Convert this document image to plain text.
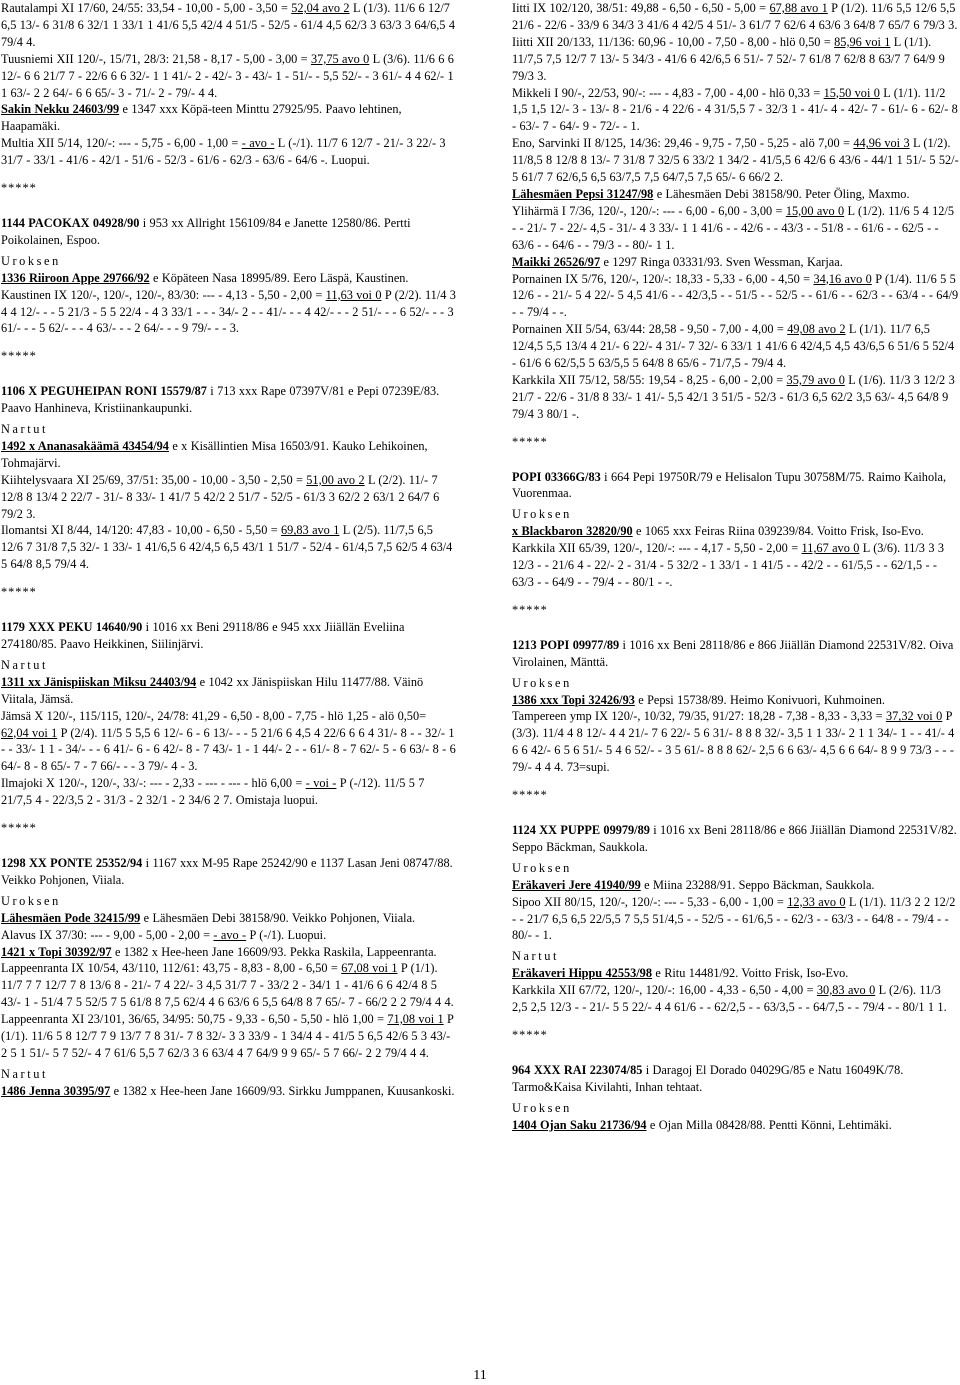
Rautalampi XI 17/60, 24/55: 33,54 - 10,00 - 5,00 - 3,50 = 52,04 avo 2 L (1/3). 11/6 6 12/7 6,5 13/- 6 31/8 6 32/1 1 33/1 1 41/6 5,5 42/4 4 51/5 - 52/5 - 61/4 4,5 62/3 3 63/3 3 64/6,5 4 79/4 4.

Tuusniemi XII 120/-, 15/71, 28/3: 21,58 - 8,17 - 5,00 - 3,00 = 37,75 avo 0 L (3/6). 11/6 6 6 12/- 6 6 21/7 7 - 22/6 6 6 32/- 1 1 41/- 2 - 42/- 3 - 43/- 1 - 51/- - 5,5 52/- - 3 61/- 4 4 62/- 1 1 63/- 2 2 64/- 6 6 65/- 3 - 71/- 2 - 79/- 4 4.

Sakin Nekku 24603/99 e 1347 xxx Köpä-teen Minttu 27925/95. Paavo lehtinen, Haapamäki.

Multia XII 5/14, 120/-: --- - 5,75 - 6,00 - 1,00 = - avo - L (-/1). 11/7 6 12/7 - 21/- 3 22/- 3 31/7 - 33/1 - 41/6 - 42/1 - 51/6 - 52/3 - 61/6 - 62/3 - 63/6 - 64/6 -. Luopui.

*****

1144 PACOKAX 04928/90 i 953 xx Allright 156109/84 e Janette 12580/86. Pertti Poikolainen, Espoo.

Uroksen

1336 Riiroon Appe 29766/92 e Köpäteen Nasa 18995/89. Eero Läspä, Kaustinen.

Kaustinen IX 120/-, 120/-, 120/-, 83/30: --- - 4,13 - 5,50 - 2,00 = 11,63 voi 0 P (2/2). 11/4 3 4 4 12/- - - 5 21/3 - 5 5 22/4 - 4 3 33/1 - - - 34/- 2 - - 41/- - - 4 42/- - - 2 51/- - - 6 52/- - - 3 61/- - - 5 62/- - - 4 63/- - - 2 64/- - - 9 79/- - - 3.

*****

1106 X PEGUHEIPAN RONI 15579/87 i 713 xxx Rape 07397V/81 e Pepi 07239E/83. Paavo Hanhineva, Kristiinankaupunki.

Nartut

1492 x Ananasakäämä 43454/94 e x Kisällintien Misa 16503/91. Kauko Lehikoinen, Tohmajärvi.

Kiihtelysvaara XI 25/69, 37/51: 35,00 - 10,00 - 3,50 - 2,50 = 51,00 avo 2 L (2/2). 11/- 7 12/8 8 13/4 2 22/7 - 31/- 8 33/- 1 41/7 5 42/2 2 51/7 - 52/5 - 61/3 3 62/2 2 63/1 2 64/7 6 79/2 3.

Ilomantsi XI 8/44, 14/120: 47,83 - 10,00 - 6,50 - 5,50 = 69,83 avo 1 L (2/5). 11/7,5 6,5 12/6 7 31/8 7,5 32/- 1 33/- 1 41/6,5 6 42/4,5 6,5 43/1 1 51/7 - 52/4 - 61/4,5 7,5 62/5 4 63/4 5 64/8 8,5 79/4 4.

*****

1179 XXX PEKU 14640/90 i 1016 xx Beni 29118/86 e 945 xxx Jiiällän Eveliina 274180/85. Paavo Heikkinen, Siilinjärvi.

Nartut

1311 xx Jänispiiskan Miksu 24403/94 e 1042 xx Jänispiiskan Hilu 11477/88. Väinö Viitala, Jämsä.

Jämsä X 120/-, 115/115, 120/-, 24/78: 41,29 - 6,50 - 8,00 - 7,75 - hlö 1,25 - alö 0,50= 62,04 voi 1 P (2/4). 11/5 5 5,5 6 12/- 6 - 6 13/- - - 5 21/6 6 4,5 4 22/6 6 6 4 31/- 8 - - 32/- 1 - - 33/- 1 1 - 34/- - - 6 41/- 6 - 6 42/- 8 - 7 43/- 1 - 1 44/- 2 - - 61/- 8 - 7 62/- 5 - 6 63/- 8 - 6 64/- 8 - 8 65/- 7 - 7 66/- - - 3 79/- 4 - 3.

Ilmajoki X 120/-, 120/-, 33/-: --- - 2,33 - --- - --- - hlö 6,00 = - voi - P (-/12). 11/5 5 7 21/7,5 4 - 22/3,5 2 - 31/3 - 2 32/1 - 2 34/6 2 7. Omistaja luopui.

*****

1298 XX PONTE 25352/94 i 1167 xxx M-95 Rape 25242/90 e 1137 Lasan Jeni 08747/88. Veikko Pohjonen, Viiala.

Uroksen

Lähesmäen Pode 32415/99 e Lähesmäen Debi 38158/90. Veikko Pohjonen, Viiala.

Alavus IX 37/30: --- - 9,00 - 5,00 - 2,00 = - avo - P (-/1). Luopui.

1421 x Topi 30392/97 e 1382 x Hee-heen Jane 16609/93. Pekka Raskila, Lappeenranta.

Lappeenranta IX 10/54, 43/110, 112/61: 43,75 - 8,83 - 8,00 - 6,50 = 67,08 voi 1 P (1/1). 11/7 7 7 12/7 7 8 13/6 8 - 21/- 7 4 22/- 3 4,5 31/7 7 - 33/2 2 - 34/1 1 - 41/6 6 6 42/4 8 5 43/- 1 - 51/4 7 5 52/5 7 5 61/8 8 7,5 62/4 4 6 63/6 6 5,5 64/8 8 7 65/- 7 - 66/2 2 2 79/4 4 4.

Lappeenranta XI 23/101, 36/65, 34/95: 50,75 - 9,33 - 6,50 - 5,50 - hlö 1,00 = 71,08 voi 1 P (1/1). 11/6 5 8 12/7 7 9 13/7 7 8 31/- 7 8 32/- 3 3 33/9 - 1 34/4 4 - 41/5 5 6,5 42/6 5 3 43/- 2 5 1 51/- 5 7 52/- 4 7 61/6 5,5 7 62/3 3 6 63/4 4 7 64/9 9 9 65/- 5 7 66/- 2 2 79/4 4 4.

Nartut

1486 Jenna 30395/97 e 1382 x Hee-heen Jane 16609/93. Sirkku Jumppanen, Kuusankoski.

Iitti IX 102/120, 38/51: 49,88 - 6,50 - 6,50 - 5,00 = 67,88 avo 1 P (1/2). 11/6 5,5 12/6 5,5 21/6 - 22/6 - 33/9 6 34/3 3 41/6 4 42/5 4 51/- 3 61/7 7 62/6 4 63/6 3 64/8 7 65/7 6 79/3 3.

Iiitti XII 20/133, 11/136: 60,96 - 10,00 - 7,50 - 8,00 - hlö 0,50 = 85,96 voi 1 L (1/1). 11/7,5 7,5 12/7 7 13/- 5 34/3 - 41/6 6 42/6,5 6 51/- 7 52/- 7 61/8 7 62/8 8 63/7 7 64/9 9 79/3 3.

Mikkeli I 90/-, 22/53, 90/-: --- - 4,83 - 7,00 - 4,00 - hlö 0,33 = 15,50 voi 0 L (1/1). 11/2 1,5 1,5 12/- 3 - 13/- 8 - 21/6 - 4 22/6 - 4 31/5,5 7 - 32/3 1 - 41/- 4 - 42/- 7 - 61/- 6 - 62/- 8 - 63/- 7 - 64/- 9 - 72/- - 1.

Eno, Sarvinki II 8/125, 14/36: 29,46 - 9,75 - 7,50 - 5,25 - alö 7,00 = 44,96 voi 3 L (1/2). 11/8,5 8 12/8 8 13/- 7 31/8 7 32/5 6 33/2 1 34/2 - 41/5,5 6 42/6 6 43/6 - 44/1 1 51/- 5 52/- 5 61/7 7 62/6,5 6,5 63/7,5 7,5 64/7,5 7,5 65/- 6 66/2 2.

Lähesmäen Pepsi 31247/98 e Lähesmäen Debi 38158/90. Peter Öling, Maxmo.

Ylihärmä I 7/36, 120/-, 120/-: --- - 6,00 - 6,00 - 3,00 = 15,00 avo 0 L (1/2). 11/6 5 4 12/5 - - 21/- 7 - 22/- 4,5 - 31/- 4 3 33/- 1 1 41/6 - - 42/6 - - 43/3 - - 51/8 - - 61/6 - - 62/5 - - 63/6 - - 64/6 - - 79/3 - - 80/- 1 1.

Maikki 26526/97 e 1297 Ringa 03331/93. Sven Wessman, Karjaa.

Pornainen IX 5/76, 120/-, 120/-: 18,33 - 5,33 - 6,00 - 4,50 = 34,16 avo 0 P (1/4). 11/6 5 5 12/6 - - 21/- 5 4 22/- 5 4,5 41/6 - - 42/3,5 - - 51/5 - - 52/5 - - 61/6 - - 62/3 - - 63/4 - - 64/9 - - 79/4 - -.

Pornainen XII 5/54, 63/44: 28,58 - 9,50 - 7,00 - 4,00 = 49,08 avo 2 L (1/1). 11/7 6,5 12/4,5 5,5 13/4 4 21/- 6 22/- 4 31/- 7 32/- 6 33/1 1 41/6 6 42/4,5 4,5 43/6,5 6 51/6 5 52/4 - 61/6 6 62/5,5 5 63/5,5 5 64/8 8 65/6 - 71/7,5 - 79/4 4.

Karkkila XII 75/12, 58/55: 19,54 - 8,25 - 6,00 - 2,00 = 35,79 avo 0 L (1/6). 11/3 3 12/2 3 21/7 - 22/6 - 31/8 8 33/- 1 41/- 5,5 42/1 3 51/5 - 52/3 - 61/3 6,5 62/2 3,5 63/- 4,5 64/8 9 79/4 3 80/1 -.

*****

POPI 03366G/83 i 664 Pepi 19750R/79 e Helisalon Tupu 30758M/75. Raimo Kaihola, Vuorenmaa.

Uroksen

x Blackbaron 32820/90 e 1065 xxx Feiras Riina 039239/84. Voitto Frisk, Iso-Evo.

Karkkila XII 65/39, 120/-, 120/-: --- - 4,17 - 5,50 - 2,00 = 11,67 avo 0 L (3/6). 11/3 3 3 12/3 - - 21/6 4 - 22/- 2 - 31/4 - 5 32/2 - 1 33/1 - 1 41/5 - - 42/2 - - 61/5,5 - - 62/1,5 - - 63/3 - - 64/9 - - 79/4 - - 80/1 - -.

*****

1213 POPI 09977/89 i 1016 xx Beni 28118/86 e 866 Jiiällän Diamond 22531V/82. Oiva Virolainen, Mänttä.

Uroksen

1386 xxx Topi 32426/93 e Pepsi 15738/89. Heimo Konivuori, Kuhmoinen.

Tampereen ymp IX 120/-, 10/32, 79/35, 91/27: 18,28 - 7,38 - 8,33 - 3,33 = 37,32 voi 0 P (3/3). 11/4 4 8 12/- 4 4 21/- 7 6 22/- 5 6 31/- 8 8 8 32/- 3,5 1 1 33/- 2 1 1 34/- 1 - - 41/- 4 6 6 42/- 6 5 6 51/- 5 4 6 52/- - 3 5 61/- 8 8 8 62/- 2,5 6 6 63/- 4,5 6 6 64/- 8 9 9 73/3 - - - 79/- 4 4 4. 73=supi.

*****

1124 XX PUPPE 09979/89 i 1016 xx Beni 28118/86 e 866 Jiiällän Diamond 22531V/82. Seppo Bäckman, Saukkola.

Uroksen

Eräkaveri Jere 41940/99 e Miina 23288/91. Seppo Bäckman, Saukkola.

Sipoo XII 80/15, 120/-, 120/-: --- - 5,33 - 6,00 - 1,00 = 12,33 avo 0 L (1/1). 11/3 2 2 12/2 - - 21/7 6,5 6,5 22/5,5 7 5,5 51/4,5 - - 52/5 - - 61/6,5 - - 62/3 - - 63/3 - - 64/8 - - 79/4 - - 80/- - 1.

Nartut

Eräkaveri Hippu 42553/98 e Ritu 14481/92. Voitto Frisk, Iso-Evo.

Karkkila XII 67/72, 120/-, 120/-: 16,00 - 4,33 - 6,50 - 4,00 = 30,83 avo 0 L (2/6). 11/3 2,5 2,5 12/3 - - 21/- 5 5 22/- 4 4 61/6 - - 62/2,5 - - 63/3,5 - - 64/7,5 - - 79/4 - - 80/1 1 1.

*****

964 XXX RAI 223074/85 i Daragoj El Dorado 04029G/85 e Natu 16049K/78. Tarmo&Kaisa Kivilahti, Inhan tehtaat.

Uroksen

1404 Ojan Saku 21736/94 e Ojan Milla 08428/88. Pentti Könni, Lehtimäki.

11
